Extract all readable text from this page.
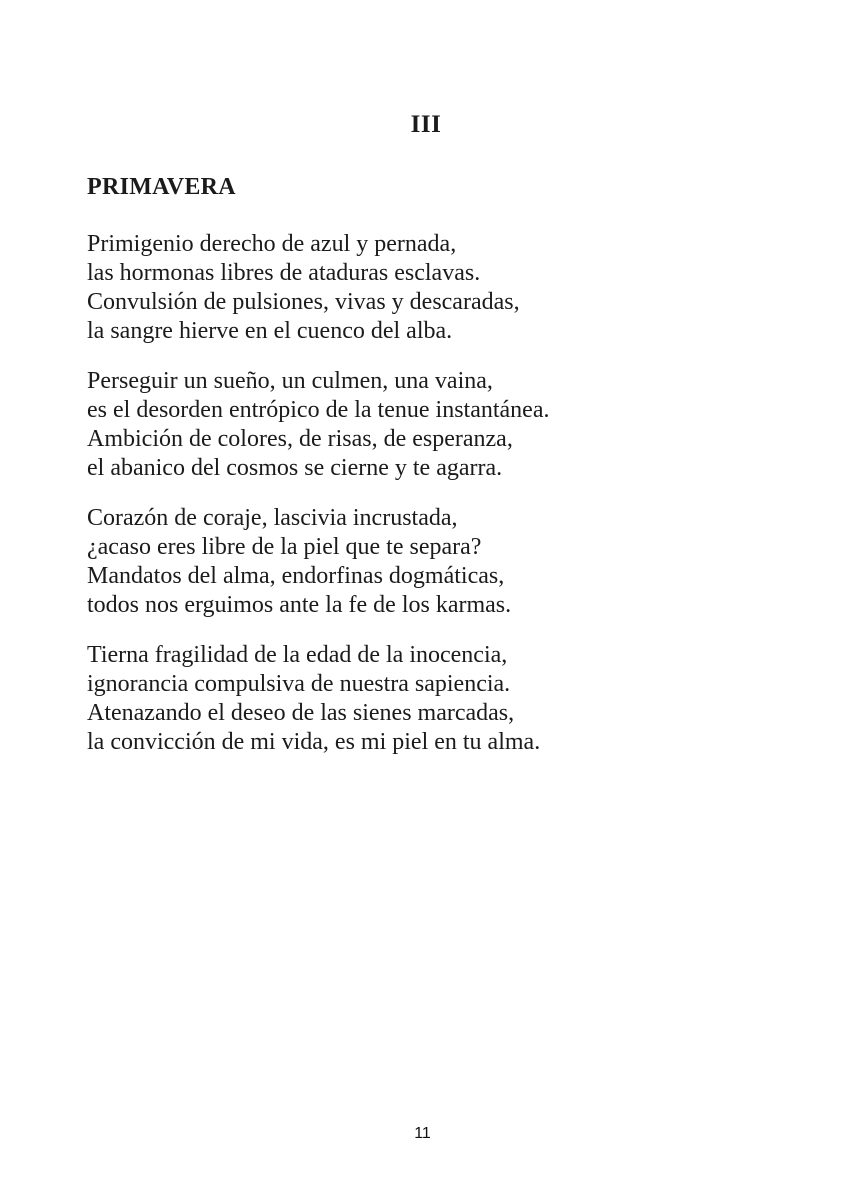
III
PRIMAVERA
Primigenio derecho de azul y pernada,
las hormonas libres de ataduras esclavas.
Convulsión de pulsiones, vivas y descaradas,
la sangre hierve en el cuenco del alba.
Perseguir un sueño, un culmen, una vaina,
es el desorden entrópico de la tenue instantánea.
Ambición de colores, de risas, de esperanza,
el abanico del cosmos se cierne y te agarra.
Corazón de coraje, lascivia incrustada,
¿acaso eres libre de la piel que te separa?
Mandatos del alma, endorfinas dogmáticas,
todos nos erguimos ante la fe de los karmas.
Tierna fragilidad de la edad de la inocencia,
ignorancia compulsiva de nuestra sapiencia.
Atenazando el deseo de las sienes marcadas,
la convicción de mi vida, es mi piel en tu alma.
11
